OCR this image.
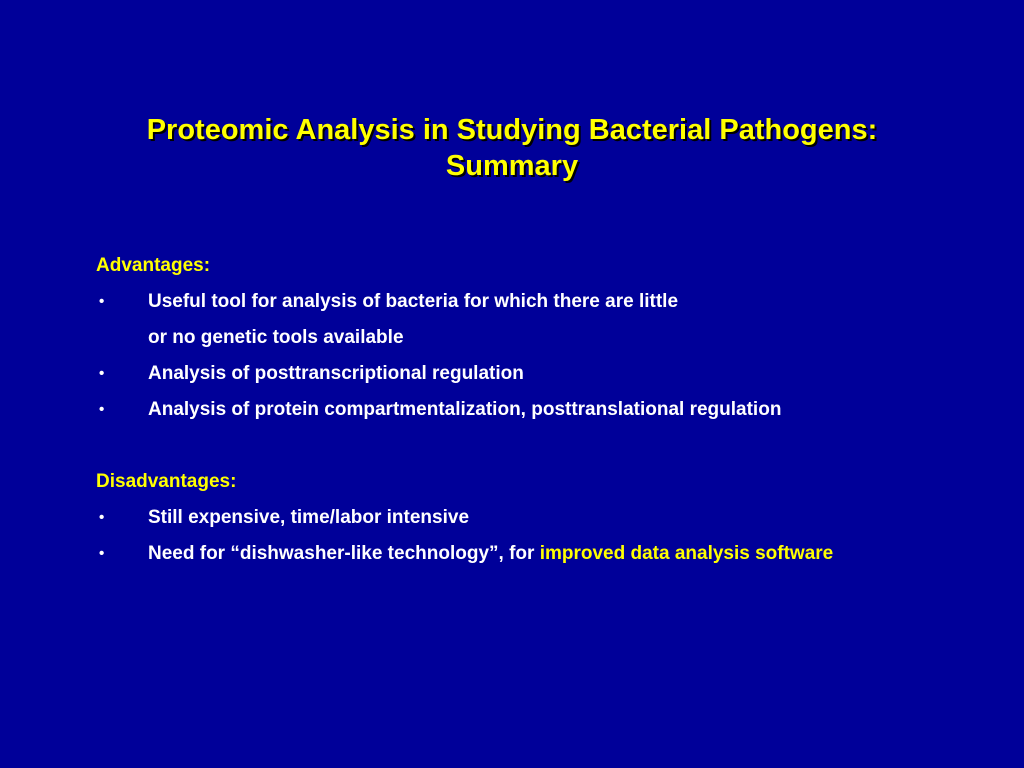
Proteomic Analysis in Studying Bacterial Pathogens:
Summary
Advantages:
• Useful tool for analysis of bacteria for which there are little
or no genetic tools available
• Analysis of posttranscriptional regulation
• Analysis of protein compartmentalization, posttranslational regulation
Disadvantages:
• Still expensive, time/labor intensive
• Need for “dishwasher-like technology”, for improved data analysis software
